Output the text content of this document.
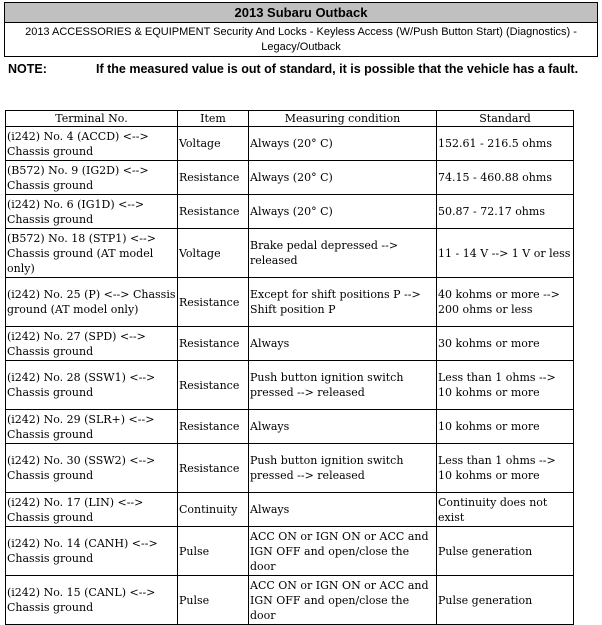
2013 Subaru Outback
2013 ACCESSORIES & EQUIPMENT Security And Locks - Keyless Access (W/Push Button Start) (Diagnostics) - Legacy/Outback
NOTE:	If the measured value is out of standard, it is possible that the vehicle has a fault.
Terminal No.	Item	Measuring condition	Standard
(i242) No. 4 (ACCD) <--> Chassis ground	Voltage	Always (20° C)	152.61 - 216.5 ohms
(B572) No. 9 (IG2D) <--> Chassis ground	Resistance	Always (20° C)	74.15 - 460.88 ohms
(i242) No. 6 (IG1D) <--> Chassis ground	Resistance	Always (20° C)	50.87 - 72.17 ohms
(B572) No. 18 (STP1) <--> Chassis ground (AT model only)	Voltage	Brake pedal depressed --> released	11 - 14 V --> 1 V or less
(i242) No. 25 (P) <--> Chassis ground (AT model only)	Resistance	Except for shift positions P --> Shift position P	40 kohms or more --> 200 ohms or less
(i242) No. 27 (SPD) <--> Chassis ground	Resistance	Always	30 kohms or more
(i242) No. 28 (SSW1) <--> Chassis ground	Resistance	Push button ignition switch pressed --> released	Less than 1 ohms --> 10 kohms or more
(i242) No. 29 (SLR+) <--> Chassis ground	Resistance	Always	10 kohms or more
(i242) No. 30 (SSW2) <--> Chassis ground	Resistance	Push button ignition switch pressed --> released	Less than 1 ohms --> 10 kohms or more
(i242) No. 17 (LIN) <--> Chassis ground	Continuity	Always	Continuity does not exist
(i242) No. 14 (CANH) <--> Chassis ground	Pulse	ACC ON or IGN ON or ACC and IGN OFF and open/close the door	Pulse generation
(i242) No. 15 (CANL) <--> Chassis ground	Pulse	ACC ON or IGN ON or ACC and IGN OFF and open/close the door	Pulse generation
